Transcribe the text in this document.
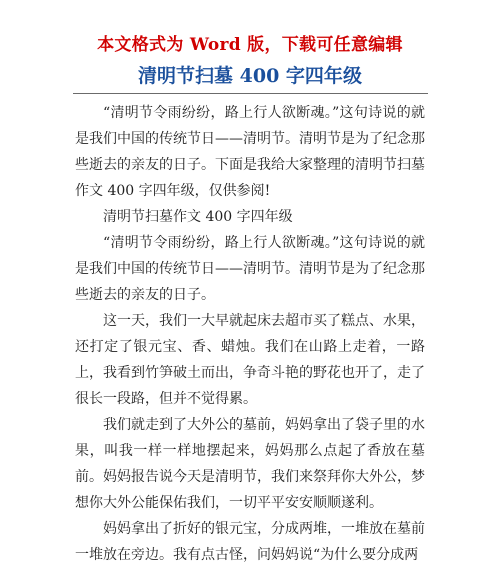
本文格式为 Word 版，下载可任意编辑
清明节扫墓 400 字四年级

“清明节令雨纷纷，路上行人欲断魂。”这句诗说的就是我们中国的传统节日——清明节。清明节是为了纪念那些逝去的亲友的日子。下面是我给大家整理的清明节扫墓作文 400 字四年级，仅供参阅!

清明节扫墓作文 400 字四年级

“清明节令雨纷纷，路上行人欲断魂。”这句诗说的就是我们中国的传统节日——清明节。清明节是为了纪念那些逝去的亲友的日子。

这一天，我们一大早就起床去超市买了糕点、水果，还打定了银元宝、香、蜡烛。我们在山路上走着，一路上，我看到竹笋破土而出，争奇斗艳的野花也开了，走了很长一段路，但并不觉得累。

我们就走到了大外公的墓前，妈妈拿出了袋子里的水果，叫我一样一样地摆起来，妈妈那么点起了香放在墓前。妈妈报告说今天是清明节，我们来祭拜你大外公，梦想你大外公能保佑我们，一切平平安安顺顺遂利。

妈妈拿出了折好的银元宝，分成两堆，一堆放在墓前一堆放在旁边。我有点古怪，问妈妈说“为什么要分成两
